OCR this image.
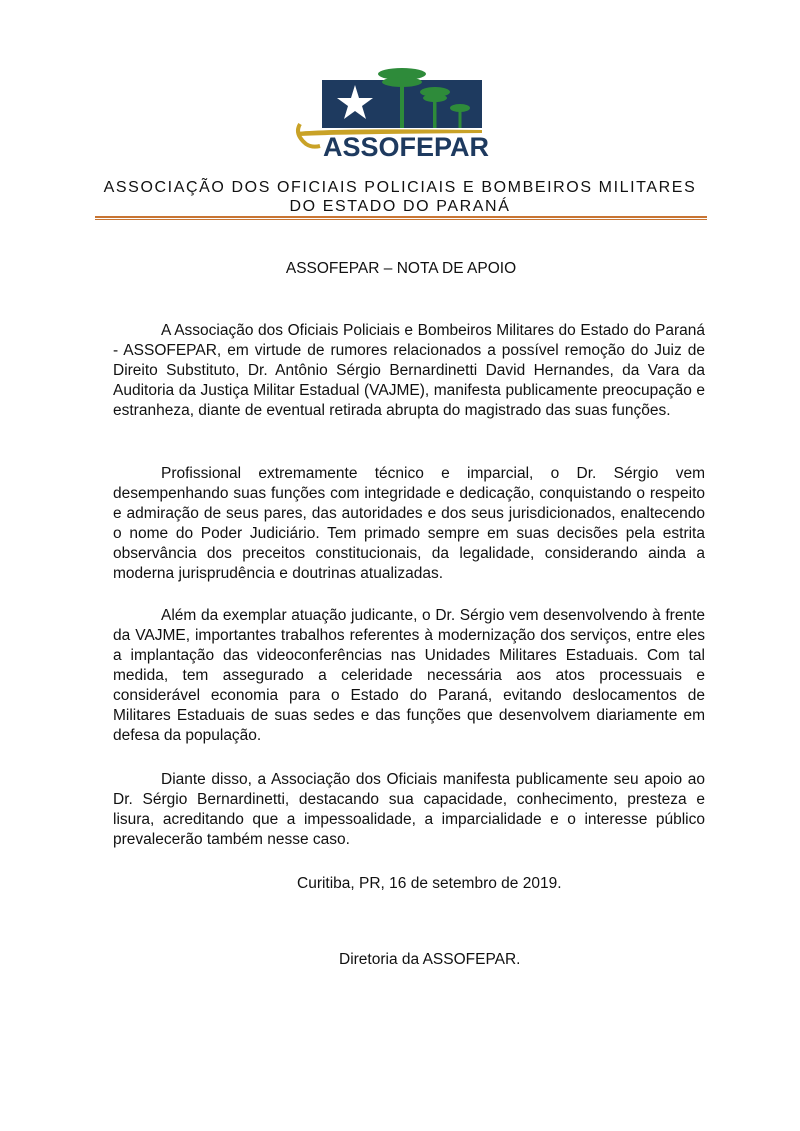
ASSOFEPAR
ASSOCIAÇÃO DOS OFICIAIS POLICIAIS E BOMBEIROS MILITARES
DO ESTADO DO PARANÁ
ASSOFEPAR – NOTA DE APOIO

A Associação dos Oficiais Policiais e Bombeiros Militares do Estado do Paraná - ASSOFEPAR, em virtude de rumores relacionados a possível remoção do Juiz de Direito Substituto, Dr. Antônio Sérgio Bernardinetti David Hernandes, da Vara da Auditoria da Justiça Militar Estadual (VAJME), manifesta publicamente preocupação e estranheza, diante de eventual retirada abrupta do magistrado das suas funções.

Profissional extremamente técnico e imparcial, o Dr. Sérgio vem desempenhando suas funções com integridade e dedicação, conquistando o respeito e admiração de seus pares, das autoridades e dos seus jurisdicionados, enaltecendo o nome do Poder Judiciário. Tem primado sempre em suas decisões pela estrita observância dos preceitos constitucionais, da legalidade, considerando ainda a moderna jurisprudência e doutrinas atualizadas.

Além da exemplar atuação judicante, o Dr. Sérgio vem desenvolvendo à frente da VAJME, importantes trabalhos referentes à modernização dos serviços, entre eles a implantação das videoconferências nas Unidades Militares Estaduais. Com tal medida, tem assegurado a celeridade necessária aos atos processuais e considerável economia para o Estado do Paraná, evitando deslocamentos de Militares Estaduais de suas sedes e das funções que desenvolvem diariamente em defesa da população.

Diante disso, a Associação dos Oficiais manifesta publicamente seu apoio ao Dr. Sérgio Bernardinetti, destacando sua capacidade, conhecimento, presteza e lisura, acreditando que a impessoalidade, a imparcialidade e o interesse público prevalecerão também nesse caso.

Curitiba, PR, 16 de setembro de 2019.
Diretoria da ASSOFEPAR.
